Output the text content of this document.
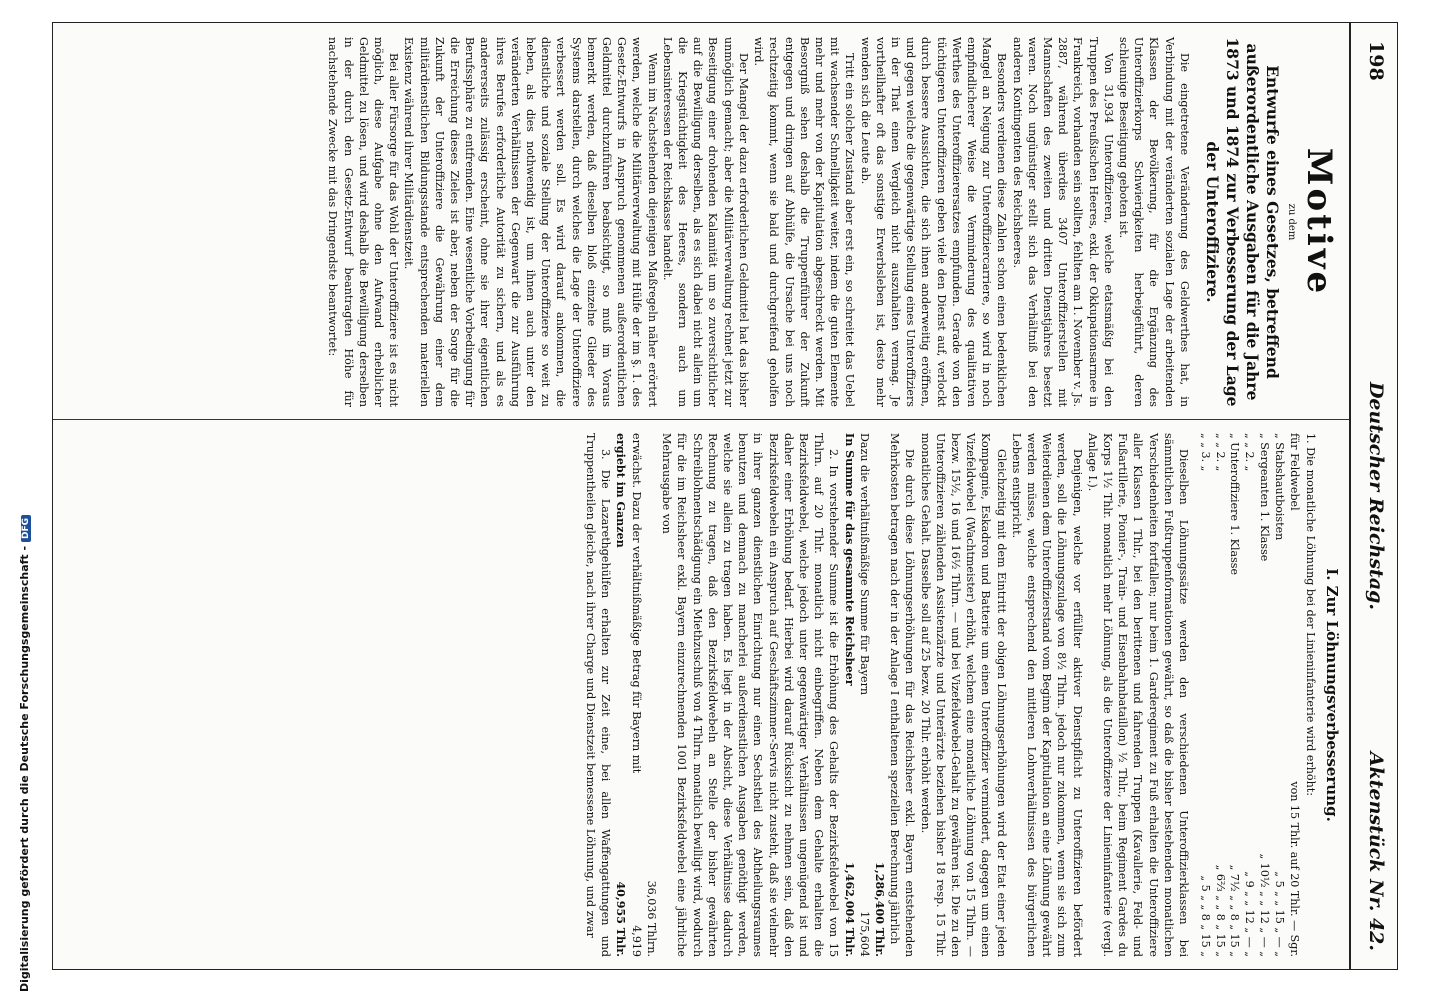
Digitalisierung gefördert durch die Deutsche Forschungsgemeinschaft -DFG
198
Deutscher Reichstag.
Aktenstück Nr. 42.
Motive
zu dem
Entwurfe eines Gesetzes, betreffend außerordentliche Ausgaben für die Jahre 1873 und 1874 zur Verbesserung der Lage der Unteroffiziere.

Die eingetretene Veränderung des Geldwerthes hat, in Verbindung mit der veränderten sozialen Lage der arbeitenden Klassen der Bevölkerung, für die Ergänzung des Unteroffizierkorps Schwierigkeiten herbeigeführt, deren schleunige Beseitigung geboten ist.

Von 31,934 Unteroffizieren, welche etatsmäßig bei den Truppen des Preußischen Heeres, exkl. der Okkupationsarmee in Frankreich, vorhanden sein sollten, fehlten am 1. November v. Js. 2887, während überdies 3407 Unteroffizierstellen mit Mannschaften des zweiten und dritten Dienstjahres besetzt waren. Noch ungünstiger stellt sich das Verhältniß bei den anderen Kontingenten des Reichsheeres.

Besonders verdienen diese Zahlen schon einen bedenklichen Mangel an Neigung zur Unteroffiziercarriere, so wird in noch empfindlicherer Weise die Verminderung des qualitativen Werthes des Unteroffizierersatzes empfunden. Gerade von den tüchtigeren Unteroffizieren geben viele den Dienst auf, verlockt durch bessere Aussichten, die sich ihnen anderweitig eröffnen, und gegen welche die gegenwärtige Stellung eines Unteroffiziers in der That einen Vergleich nicht auszuhalten vermag. Je vortheilhafter oft das sonstige Erwerbsleben ist, desto mehr wenden sich die Leute ab.

Tritt ein solcher Zustand aber erst ein, so schreitet das Uebel mit wachsender Schnelligkeit weiter, indem die guten Elemente mehr und mehr von der Kapitulation abgeschreckt werden. Mit Besorgniß sehen deshalb die Truppenführer der Zukunft entgegen und dringen auf Abhülfe, die Ursache bei uns noch rechtzeitig kommt, wenn sie bald und durchgreifend geholfen wird.

Der Mangel der dazu erforderlichen Geldmittel hat das bisher unmöglich gemacht; aber die Militärverwaltung rechnet jetzt zur Beseitigung einer drohenden Kalamität um so zuversichtlicher auf die Bewilligung derselben, als es sich dabei nicht allein um die Kriegstüchtigkeit des Heeres, sondern auch um Lebensinteressen der Reichskasse handelt.

Wenn im Nachstehenden diejenigen Maßregeln näher erörtert werden, welche die Militärverwaltung mit Hülfe der im §. 1. des Gesetz-Entwurfs in Anspruch genommenen außerordentlichen Geldmittel durchzuführen beabsichtigt, so muß im Voraus bemerkt werden, daß dieselben bloß einzelne Glieder des Systems darstellen, durch welches die Lage der Unteroffiziere verbessert werden soll. Es wird darauf ankommen, die dienstliche und soziale Stellung der Unteroffiziere so weit zu heben, als dies nothwendig ist, um ihnen auch unter den veränderten Verhältnissen der Gegenwart die zur Ausführung ihres Berufes erforderliche Autorität zu sichern, und als es andererseits zulässig erscheint, ohne sie ihrer eigentlichen Berufssphäre zu entfremden. Eine wesentliche Vorbedingung für die Erreichung dieses Zieles ist aber, neben der Sorge für die Zukunft der Unteroffiziere die Gewährung einer dem militärdienstlichen Bildungsstande entsprechenden materiellen Existenz während ihrer Militärdienstzeit.

Bei aller Fürsorge für das Wohl der Unteroffiziere ist es nicht möglich, diese Aufgabe ohne den Aufwand erheblicher Geldmittel zu lösen, und wird deshalb die Bewilligung derselben in der durch den Gesetz-Entwurf beantragten Höhe für nachstehende Zwecke mit das Dringendste beantwortet:

I. Zur Löhnungsverbesserung.

1. Die monatliche Löhnung bei der Linieninfanterie wird erhöht:

für Feldwebel
von 15 Thlr. auf 20 Thlr. — Sgr.
„ Stabshautboisten
„ 5 „ „ 15 „ — „
„ Sergeanten 1. Klasse
„ 10½ „ „ 12 „ — „
„ „ 2. „
„ 9 „ „ 12 „ — „
„ Unteroffiziere 1. Klasse
„ 7½ „ „ 8 „ 15 „
„ „ 2. „
„ 6⅔ „ „ 8 „ 15 „
„ „ 3. „
„ 5 „ „ 8 „ 15 „

Dieselben Löhnungssätze werden den verschiedenen Unteroffizierklassen bei sämmtlichen Fußtruppenformationen gewährt, so daß die bisher bestehenden monatlichen Verschiedenheiten fortfallen; nur beim 1. Garderegiment zu Fuß erhalten die Unteroffiziere aller Klassen 1 Thlr., bei den berittenen und fahrenden Truppen (Kavallerie, Feld- und Fußartillerie, Pionier-, Train- und Eisenbahnbataillon) ½ Thlr., beim Regiment Gardes du Korps 1½ Thlr. monatlich mehr Löhnung, als die Unteroffiziere der Linieninfanterie (vergl. Anlage I.).

Denjenigen, welche vor erfüllter aktiver Dienstpflicht zu Unteroffizieren befördert werden, soll die Löhnungszulage von 8½ Thlrn. jedoch nur zukommen, wenn sie sich zum Weiterdienen dem Unteroffizierstand vom Beginn der Kapitulation an eine Löhnung gewährt werden müsse, welche entsprechend den mittleren Lohnverhältnissen des bürgerlichen Lebens entspricht.

Gleichzeitig mit dem Eintritt der obigen Löhnungserhöhungen wird der Etat einer jeden Kompagnie, Eskadron und Batterie um einen Unteroffizier vermindert, dagegen um einen Vizefeldwebel (Wachtmeister) erhöht, welchem eine monatliche Löhnung von 15 Thlrn. — bezw. 15½, 16 und 16½ Thlrn. — und bei Vizefeldwebel-Gehalt zu gewähren ist. Die zu den Unteroffizieren zählenden Assistenzärzte und Unterärzte beziehen bisher 18 resp. 15 Thlr. monatliches Gehalt. Dasselbe soll auf 25 bezw. 20 Thlr. erhöht werden.

Die durch diese Löhnungserhöhungen für das Reichsheer exkl. Bayern entstehenden Mehrkosten betragen nach der in der Anlage I enthaltenen speziellen Berechnung jährlich

1,286,400 Thlr.
Dazu die verhältnißmäßige Summe für Bayern
175,604
In Summe für das gesammte Reichsheer
1,462,004 Thlr.

2. In vorstehender Summe ist die Erhöhung des Gehalts der Bezirksfeldwebel von 15 Thlrn. auf 20 Thlr. monatlich nicht einbegriffen. Neben dem Gehalte erhalten die Bezirksfeldwebel, welche jedoch unter gegenwärtiger Verhältnissen ungenügend ist und daher einer Erhöhung bedarf. Hierbei wird darauf Rücksicht zu nehmen sein, daß den Bezirksfeldwebeln ein Anspruch auf Geschäftszimmer-Servis nicht zusteht, daß sie vielmehr in ihrer ganzen dienstlichen Einrichtung nur einen Sechstheil des Abtheilungsraumes benutzen und demnach zu mancherlei außerdienstlichen Ausgaben genöthigt werden, welche sie allein zu tragen haben. Es liegt in der Absicht, diese Verhältnisse dadurch Rechnung zu tragen, daß den Bezirksfeldwebeln an Stelle der bisher gewährten Schreiblohnentschädigung ein Miethzuschuß von 4 Thlrn. monatlich bewilligt wird, wodurch für die im Reichsheer exkl. Bayern einzurechnenden 1001 Bezirksfeldwebel eine jährliche Mehrausgabe von

36,036 Thlrn.
erwächst. Dazu der verhältnißmäßige Betrag für Bayern mit
4,919
ergiebt im Ganzen
40,955 Thlr.

3. Die Lazarethgehülfen erhalten zur Zeit eine, bei allen Waffengattungen und Truppentheilen gleiche, nach ihrer Charge und Dienstzeit bemessene Löhnung, und zwar
